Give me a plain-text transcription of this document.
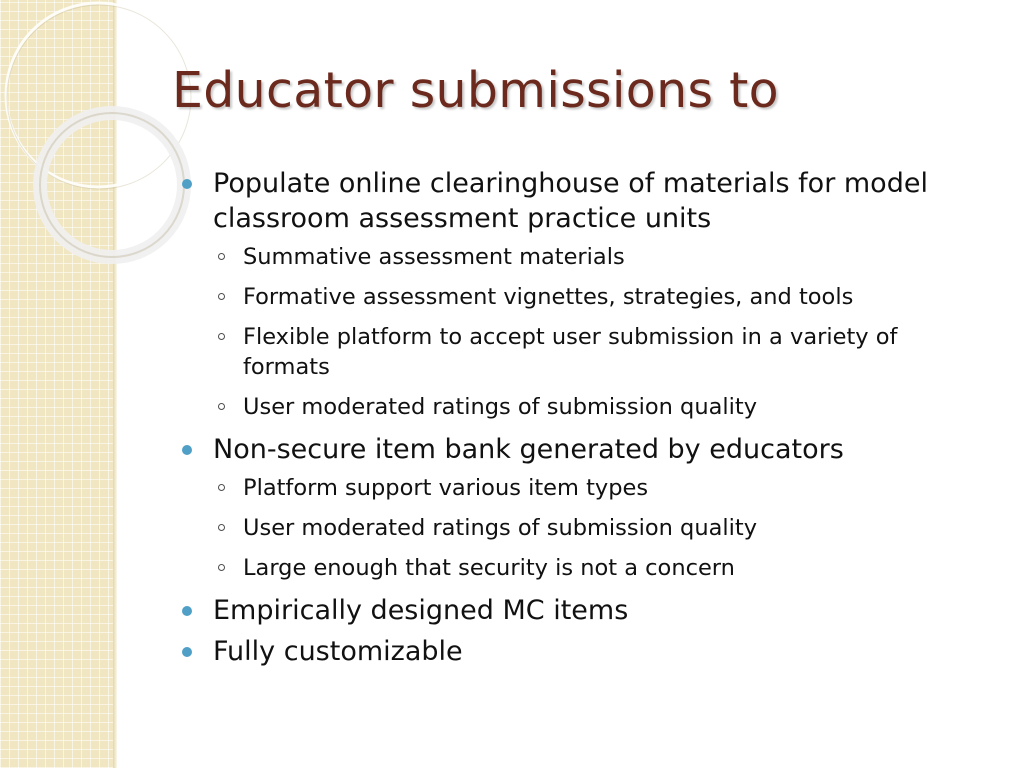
Educator submissions to
Populate online clearinghouse of materials for model classroom assessment practice units
Summative assessment materials
Formative assessment vignettes, strategies, and tools
Flexible platform to accept user submission in a variety of formats
User moderated ratings of submission quality
Non-secure item bank generated by educators
Platform support various item types
User moderated ratings of submission quality
Large enough that security is not a concern
Empirically designed MC items
Fully customizable
